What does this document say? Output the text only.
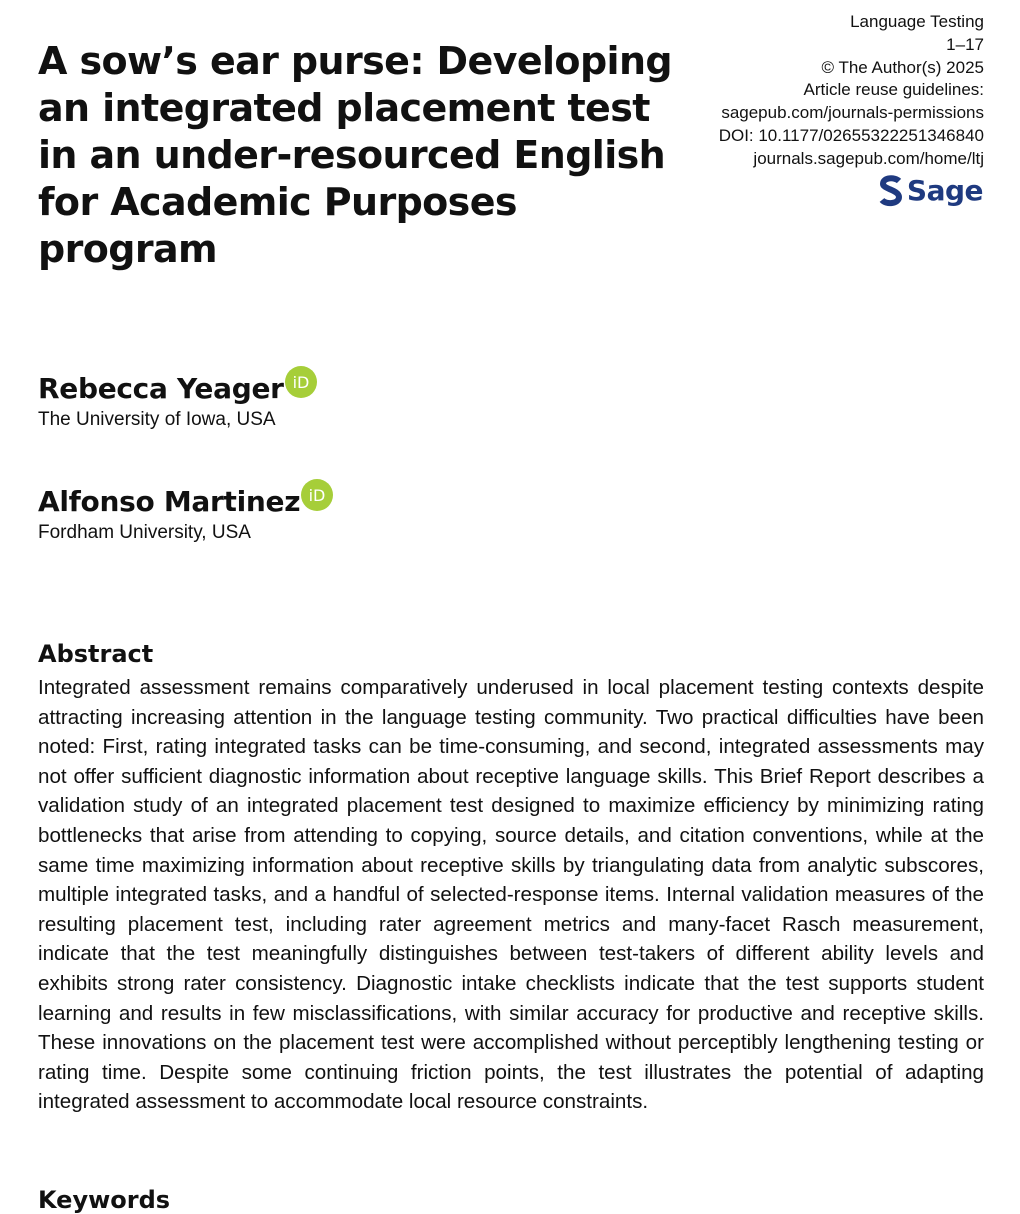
A sow’s ear purse: Developing an integrated placement test in an under-resourced English for Academic Purposes program
Language Testing
1–17
© The Author(s) 2025
Article reuse guidelines:
sagepub.com/journals-permissions
DOI: 10.1177/02655322251346840
journals.sagepub.com/home/ltj
Sage
Rebecca Yeager iD
The University of Iowa, USA
Alfonso Martinez iD
Fordham University, USA
Abstract

Integrated assessment remains comparatively underused in local placement testing contexts despite attracting increasing attention in the language testing community. Two practical difficulties have been noted: First, rating integrated tasks can be time-consuming, and second, integrated assessments may not offer sufficient diagnostic information about receptive language skills. This Brief Report describes a validation study of an integrated placement test designed to maximize efficiency by minimizing rating bottlenecks that arise from attending to copying, source details, and citation conventions, while at the same time maximizing information about receptive skills by triangulating data from analytic subscores, multiple integrated tasks, and a handful of selected-response items. Internal validation measures of the resulting placement test, including rater agreement metrics and many-facet Rasch measurement, indicate that the test meaningfully distinguishes between test-takers of different ability levels and exhibits strong rater consistency. Diagnostic intake checklists indicate that the test supports student learning and results in few misclassifications, with similar accuracy for productive and receptive skills. These innovations on the placement test were accomplished without perceptibly lengthening testing or rating time. Despite some continuing friction points, the test illustrates the potential of adapting integrated assessment to accommodate local resource constraints.

Keywords
